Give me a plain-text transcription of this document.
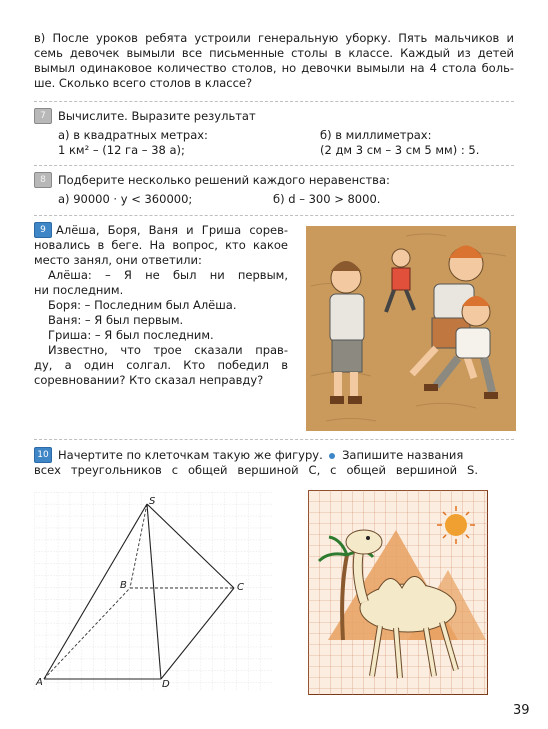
в) После уроков ребята устроили генеральную уборку. Пять мальчиков и
семь девочек вымыли все письменные столы в классе. Каждый из детей
вымыл одинаковое количество столов, но девочки вымыли на 4 стола боль-
ше. Сколько всего столов в классе?
7	Вычислите. Выразите результат
а) в квадратных метрах:
1 км² – (12 га – 38 а);
б) в миллиметрах:
(2 дм 3 см – 3 см 5 мм) : 5.
8	Подберите несколько решений каждого неравенства:
а) 90000 · y < 360000;	б) d – 300 > 8000.
9 Алёша, Боря, Ваня и Гриша сорев-
новались в беге. На вопрос, кто какое
место занял, они ответили:
Алёша: – Я не был ни первым,
ни последним.
Боря: – Последним был Алёша.
Ваня: – Я был первым.
Гриша: – Я был последним.
Известно, что трое сказали прав-
ду, а один солгал. Кто победил в
соревновании? Кто сказал неправду?
10 Начертите по клеточкам такую же фигуру. Запишите названия
всех треугольников с общей вершиной C, с общей вершиной S.
S
B	C
A	D
39
